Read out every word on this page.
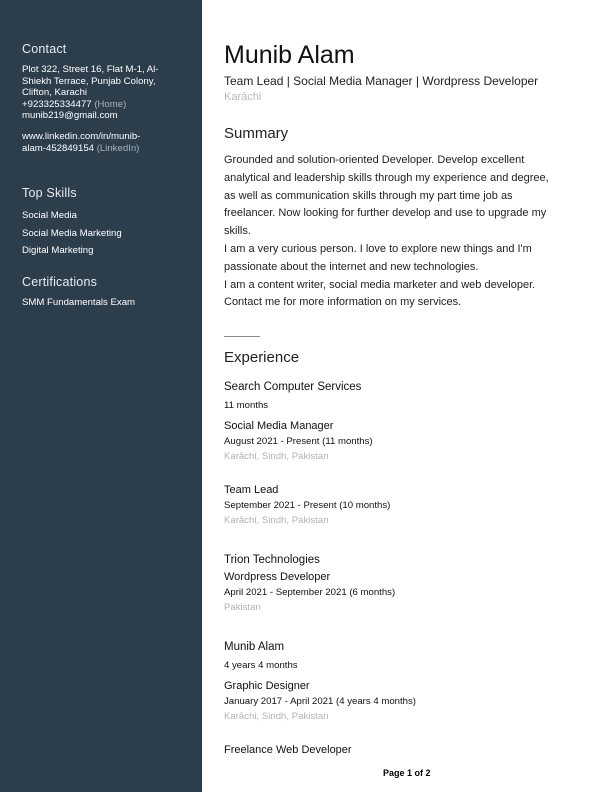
Contact
Plot 322, Street 16, Flat M-1, Al-
Shiekh Terrace, Punjab Colony,
Clifton, Karachi
+923325334477 (Home)
munib219@gmail.com
www.linkedin.com/in/munib-
alam-452849154 (LinkedIn)
Top Skills
Social Media
Social Media Marketing
Digital Marketing
Certifications
SMM Fundamentals Exam
Munib Alam
Team Lead | Social Media Manager | Wordpress Developer
Karāchi
Summary
Grounded and solution-oriented Developer. Develop excellent
analytical and leadership skills through my experience and degree,
as well as communication skills through my part time job as
freelancer. Now looking for further develop and use to upgrade my
skills.
I am a very curious person. I love to explore new things and I'm
passionate about the internet and new technologies.
I am a content writer, social media marketer and web developer.
Contact me for more information on my services.
Experience
Search Computer Services
11 months
Social Media Manager
August 2021 - Present (11 months)
Karāchi, Sindh, Pakistan
Team Lead
September 2021 - Present (10 months)
Karāchi, Sindh, Pakistan
Trion Technologies
Wordpress Developer
April 2021 - September 2021 (6 months)
Pakistan
Munib Alam
4 years 4 months
Graphic Designer
January 2017 - April 2021 (4 years 4 months)
Karāchi, Sindh, Pakistan
Freelance Web Developer
Page 1 of 2
